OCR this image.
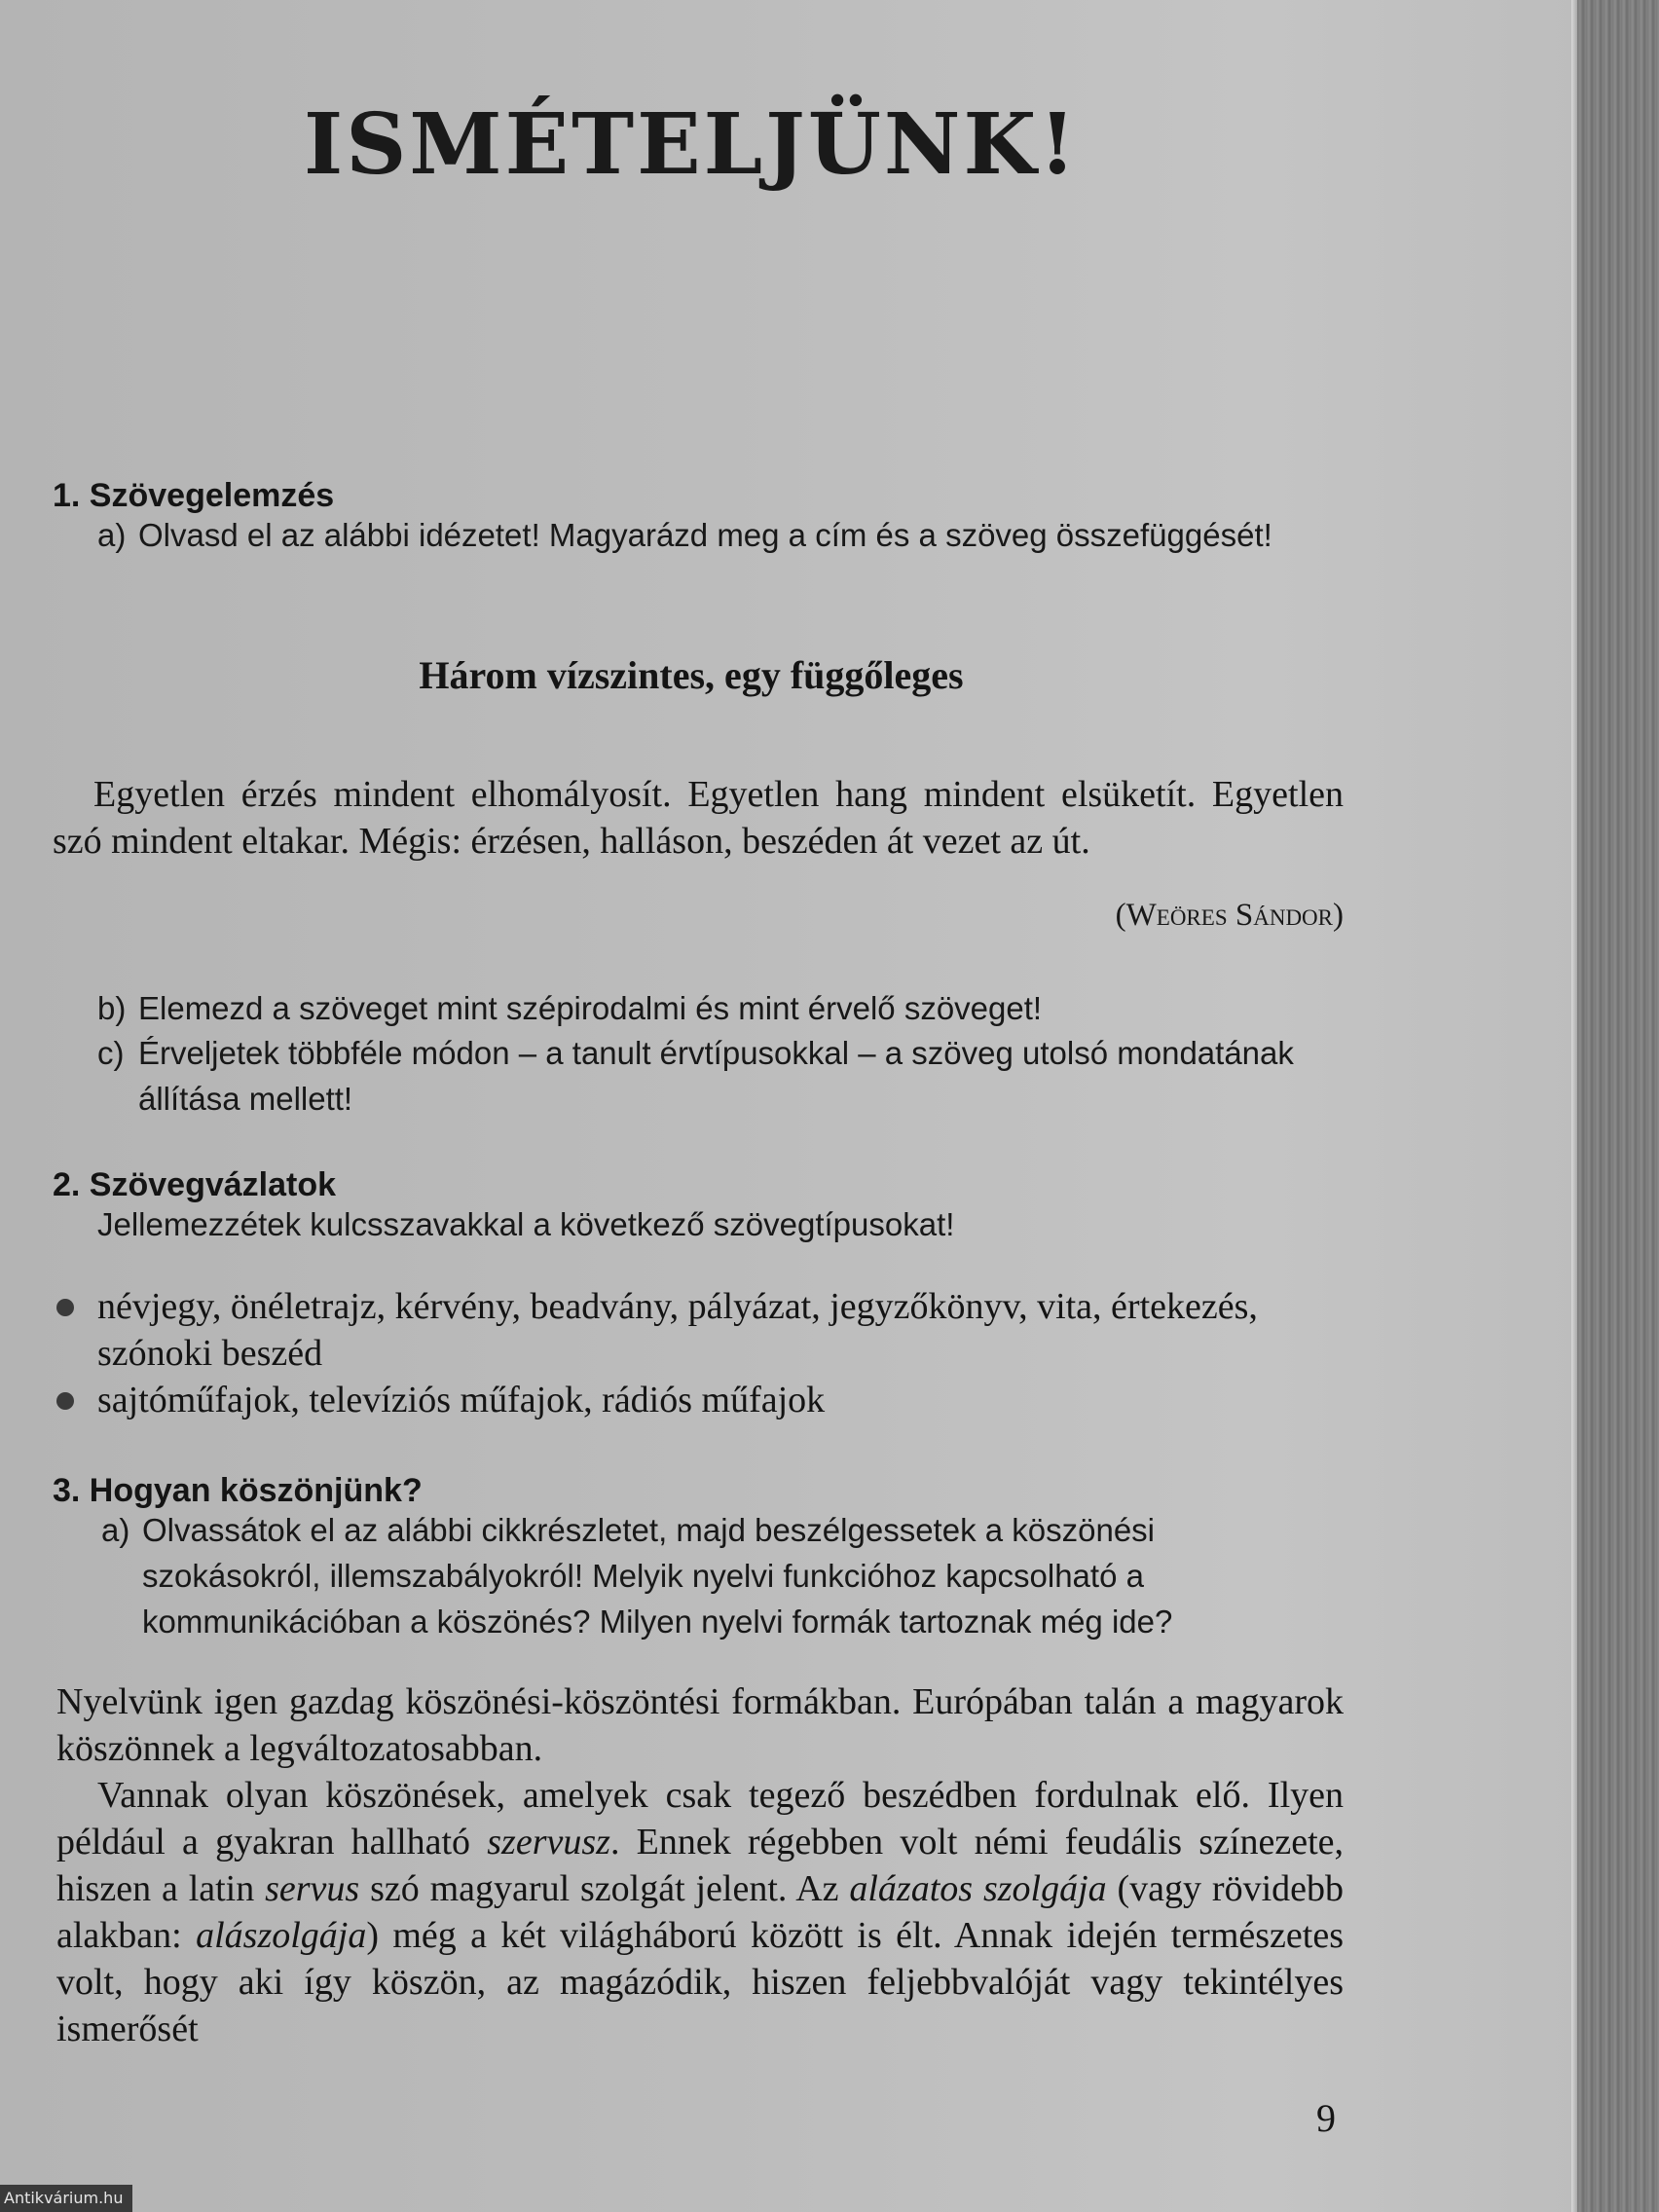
ISMÉTELJÜNK!
1. Szövegelemzés
a) Olvasd el az alábbi idézetet! Magyarázd meg a cím és a szöveg összefüggését!
Három vízszintes, egy függőleges

Egyetlen érzés mindent elhomályosít. Egyetlen hang mindent elsüketít. Egyetlen szó mindent eltakar. Mégis: érzésen, halláson, beszéden át vezet az út.

(Weöres Sándor)

b) Elemezd a szöveget mint szépirodalmi és mint érvelő szöveget!
c) Érveljetek többféle módon – a tanult érvtípusokkal – a szöveg utolsó mondatának állítása mellett!
2. Szövegvázlatok

Jellemezzétek kulcsszavakkal a következő szövegtípusokat!

névjegy, önéletrajz, kérvény, beadvány, pályázat, jegyzőkönyv, vita, értekezés, szónoki beszéd
sajtóműfajok, televíziós műfajok, rádiós műfajok
3. Hogyan köszönjünk?
a) Olvassátok el az alábbi cikkrészletet, majd beszélgessetek a köszönési szokásokról, illemszabályokról! Melyik nyelvi funkcióhoz kapcsolható a kommunikációban a köszönés? Milyen nyelvi formák tartoznak még ide?

Nyelvünk igen gazdag köszönési-köszöntési formákban. Európában talán a magyarok köszönnek a legváltozatosabban.

Vannak olyan köszönések, amelyek csak tegező beszédben fordulnak elő. Ilyen például a gyakran hallható szervusz. Ennek régebben volt némi feudális színezete, hiszen a latin servus szó magyarul szolgát jelent. Az alázatos szolgája (vagy rövidebb alakban: alászolgája) még a két világháború között is élt. Annak idején természetes volt, hogy aki így köszön, az magázódik, hiszen feljebbvalóját vagy tekintélyes ismerősét

9

Antikvárium.hu
